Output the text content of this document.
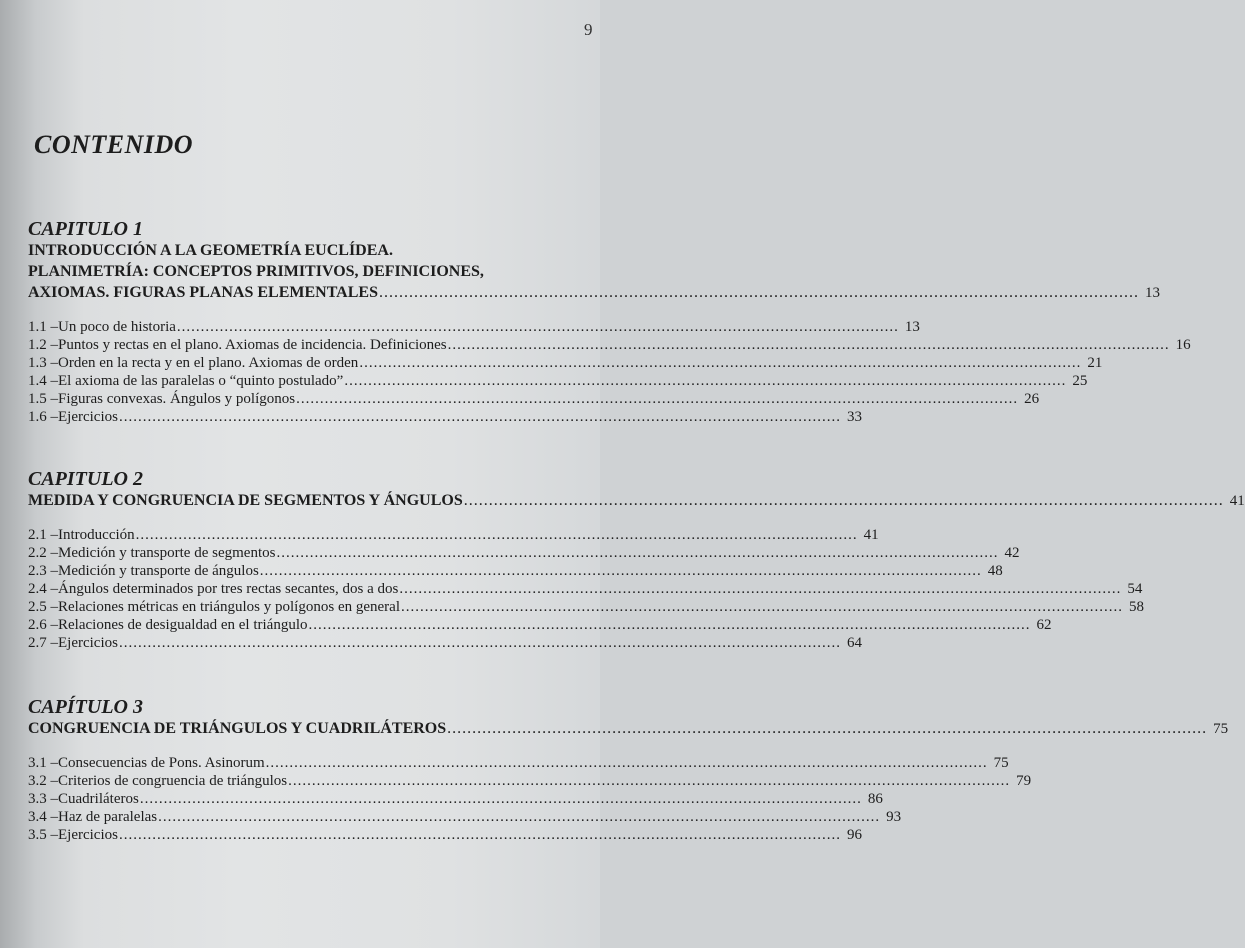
9
CONTENIDO
CAPITULO 1
INTRODUCCIÓN A LA GEOMETRÍA EUCLÍDEA.
PLANIMETRÍA: CONCEPTOS PRIMITIVOS, DEFINICIONES,
AXIOMAS. FIGURAS PLANAS ELEMENTALES .....	13
1.1 – Un poco de historia .....	13
1.2 – Puntos y rectas en el plano. Axiomas de incidencia. Definiciones .....	16
1.3 – Orden en la recta y en el plano. Axiomas de orden .....	21
1.4 – El axioma de las paralelas o “quinto postulado” .....	25
1.5 – Figuras convexas. Ángulos y polígonos .....	26
1.6 – Ejercicios .....	33
CAPITULO 2
MEDIDA Y CONGRUENCIA DE SEGMENTOS Y ÁNGULOS .....	41
2.1 – Introducción .....	41
2.2 – Medición y transporte de segmentos .....	42
2.3 – Medición y transporte de ángulos .....	48
2.4 – Ángulos determinados por tres rectas secantes, dos a dos .....	54
2.5 – Relaciones métricas en triángulos y polígonos en general .....	58
2.6 – Relaciones de desigualdad en el triángulo .....	62
2.7 – Ejercicios .....	64
CAPÍTULO 3
CONGRUENCIA DE TRIÁNGULOS Y CUADRILÁTEROS .....	75
3.1 – Consecuencias de Pons. Asinorum .....	75
3.2 – Criterios de congruencia de triángulos .....	79
3.3 – Cuadriláteros .....	86
3.4 – Haz de paralelas .....	93
3.5 – Ejercicios .....	96
